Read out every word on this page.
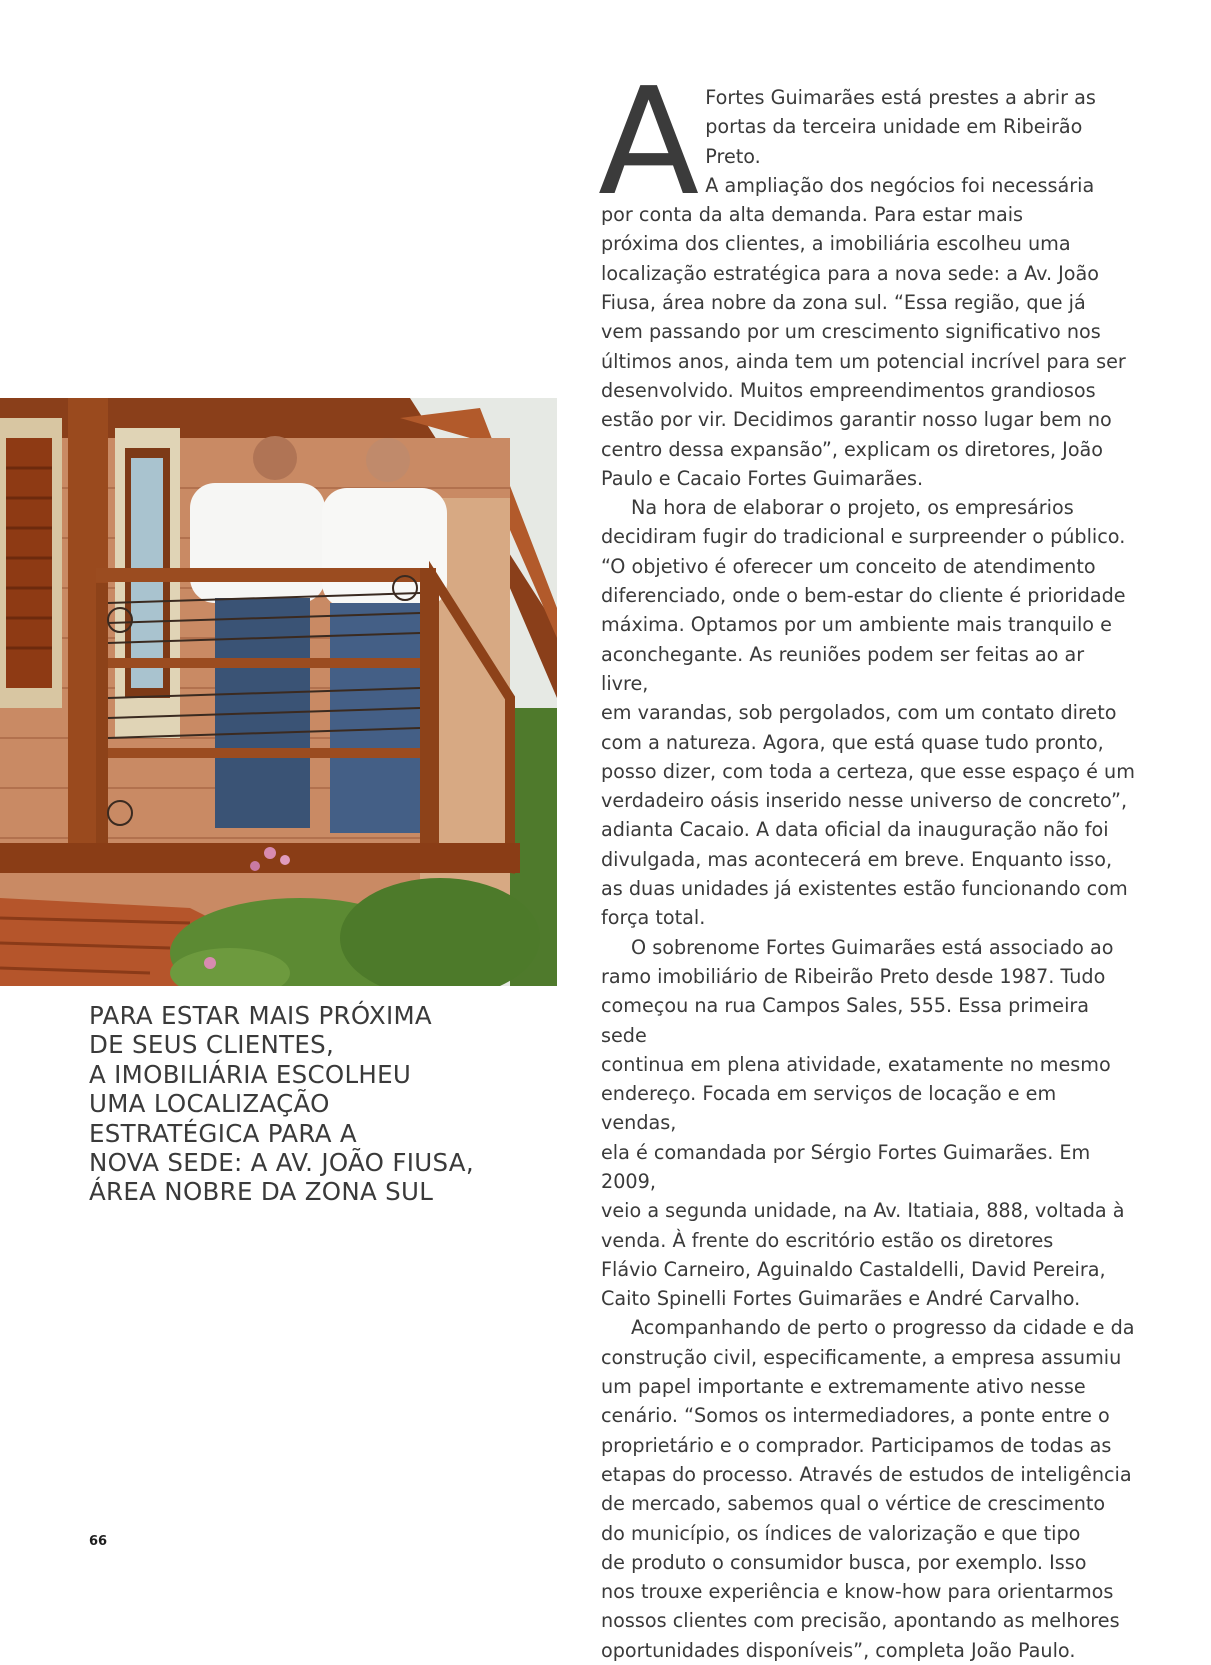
PARA ESTAR MAIS PRÓXIMA
DE SEUS CLIENTES,
A IMOBILIÁRIA ESCOLHEU
UMA LOCALIZAÇÃO
ESTRATÉGICA PARA A
NOVA SEDE: A AV. JOÃO FIUSA,
ÁREA NOBRE DA ZONA SUL
A Fortes Guimarães está prestes a abrir as
portas da terceira unidade em Ribeirão Preto.
A ampliação dos negócios foi necessária
por conta da alta demanda. Para estar mais
próxima dos clientes, a imobiliária escolheu uma
localização estratégica para a nova sede: a Av. João
Fiusa, área nobre da zona sul. “Essa região, que já
vem passando por um crescimento significativo nos
últimos anos, ainda tem um potencial incrível para ser
desenvolvido. Muitos empreendimentos grandiosos
estão por vir. Decidimos garantir nosso lugar bem no
centro dessa expansão”, explicam os diretores, João
Paulo e Cacaio Fortes Guimarães.

Na hora de elaborar o projeto, os empresários
decidiram fugir do tradicional e surpreender o público.
“O objetivo é oferecer um conceito de atendimento
diferenciado, onde o bem-estar do cliente é prioridade
máxima. Optamos por um ambiente mais tranquilo e
aconchegante. As reuniões podem ser feitas ao ar livre,
em varandas, sob pergolados, com um contato direto
com a natureza. Agora, que está quase tudo pronto,
posso dizer, com toda a certeza, que esse espaço é um
verdadeiro oásis inserido nesse universo de concreto”,
adianta Cacaio. A data oficial da inauguração não foi
divulgada, mas acontecerá em breve. Enquanto isso,
as duas unidades já existentes estão funcionando com
força total.

O sobrenome Fortes Guimarães está associado ao
ramo imobiliário de Ribeirão Preto desde 1987. Tudo
começou na rua Campos Sales, 555. Essa primeira sede
continua em plena atividade, exatamente no mesmo
endereço. Focada em serviços de locação e em vendas,
ela é comandada por Sérgio Fortes Guimarães. Em 2009,
veio a segunda unidade, na Av. Itatiaia, 888, voltada à
venda. À frente do escritório estão os diretores
Flávio Carneiro, Aguinaldo Castaldelli, David Pereira,
Caito Spinelli Fortes Guimarães e André Carvalho.

Acompanhando de perto o progresso da cidade e da
construção civil, especificamente, a empresa assumiu
um papel importante e extremamente ativo nesse
cenário. “Somos os intermediadores, a ponte entre o
proprietário e o comprador. Participamos de todas as
etapas do processo. Através de estudos de inteligência
de mercado, sabemos qual o vértice de crescimento
do município, os índices de valorização e que tipo
de produto o consumidor busca, por exemplo. Isso
nos trouxe experiência e know-how para orientarmos
nossos clientes com precisão, apontando as melhores
oportunidades disponíveis”, completa João Paulo.

66
